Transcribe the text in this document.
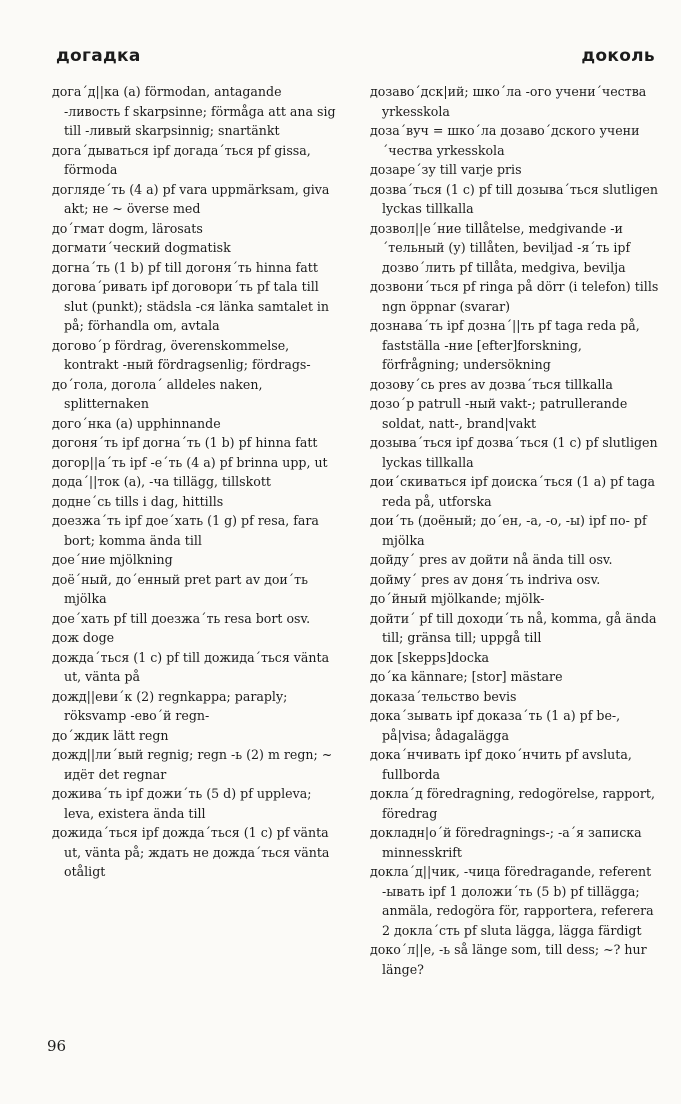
догадка	доколь

дога´д||ка (а) förmodan, antagande -ливость f skarpsinne; förmåga att ana sig till -ливый skarpsinnig; snartänkt

дога´дываться ipf догада´ться pf gissa, förmoda

догляде´ть (4 а) pf vara uppmärksam, giva akt; не ~ överse med

до´гмат dogm, lärosats

догмати´ческий dogmatisk

догна´ть (1 b) pf till догоня´ть hinna fatt

догова´ривать ipf договори´ть pf tala till slut (punkt); städsla -ся länka samtalet in på; förhandla om, avtala

догово´р fördrag, överenskommelse, kontrakt -ный fördragsenlig; fördrags-

до´гола, догола´ alldeles naken, splitternaken

дого´нка (а) upphinnande

догоня´ть ipf догна´ть (1 b) pf hinna fatt

догор||а´ть ipf -е´ть (4 а) pf brinna upp, ut

дода´||ток (а), -ча tillägg, tillskott

доднe´сь tills i dag, hittills

доезжа´ть ipf дое´хать (1 g) pf resa, fara bort; komma ända till

дое´ние mjölkning

доё´ный, до´енный pret part av дои´ть mjölka

дое´хать pf till доезжа´ть resa bort osv.

дож doge

дожда´ться (1 с) pf till дожида´ться vänta ut, vänta på

дожд||еви´к (2) regnkappa; paraply; röksvamp -ево´й regn-

до´ждик lätt regn

дожд||ли´вый regnig; regn -ь (2) m regn; ~ идёт det regnar

дожива´ть ipf дожи´ть (5 d) pf uppleva; leva, existera ända till

дожида´ться ipf дожда´ться (1 с) pf vänta ut, vänta på; ждать не дожда´ться vänta otåligt

дозаво´дск|ий; шко´ла -ого учени´чества yrkesskola

доза´вуч = шко´ла дозаво´дского учени´чества yrkesskola

дозаре´зу till varje pris

дозва´ться (1 с) pf till дозыва´ться slutligen lyckas tillkalla

дозвол||е´ние tillåtelse, medgivande -и´тельный (у) tillåten, beviljad -я´ть ipf дозво´лить pf tillåta, medgiva, bevilja

дозвони´ться pf ringa på dörr (i telefon) tills ngn öppnar (svarar)

дознава´ть ipf дозна´||ть pf taga reda på, fastställa -ние [efter]forskning, förfrågning; undersökning

дозову´сь pres av дозва´ться tillkalla

дозо´р patrull -ный vakt-; patrullerande soldat, natt-, brand|vakt

дозыва´ться ipf дозва´ться (1 с) pf slutligen lyckas tillkalla

дои´скиваться ipf доиска´ться (1 а) pf taga reda på, utforska

дои´ть (доёный; до´ен, -а, -о, -ы) ipf по- pf mjölka

дойду´ pres av дойти nå ända till osv.

дойму´ pres av доня´ть indriva osv.

до´йный mjölkande; mjölk-

дойти´ pf till доходи´ть nå, komma, gå ända till; gränsa till; uppgå till

док [skepps]docka

до´ка kännare; [stor] mästare

доказа´тельство bevis

дока´зывать ipf доказа´ть (1 а) pf be-, på|visa; ådagalägga

дока´нчивать ipf доко´нчить pf avsluta, fullborda

докла´д föredragning, redogörelse, rapport, föredrag

докладн|о´й föredragnings-; -а´я записка minnesskrift

докла´д||чик, -чица föredragande, referent -ывать ipf 1 доложи´ть (5 b) pf tillägga; anmäla, redogöra för, rapportera, referera 2 докла´сть pf sluta lägga, lägga färdigt

доко´л||е, -ь så länge som, till dess; ~? hur länge?

96
